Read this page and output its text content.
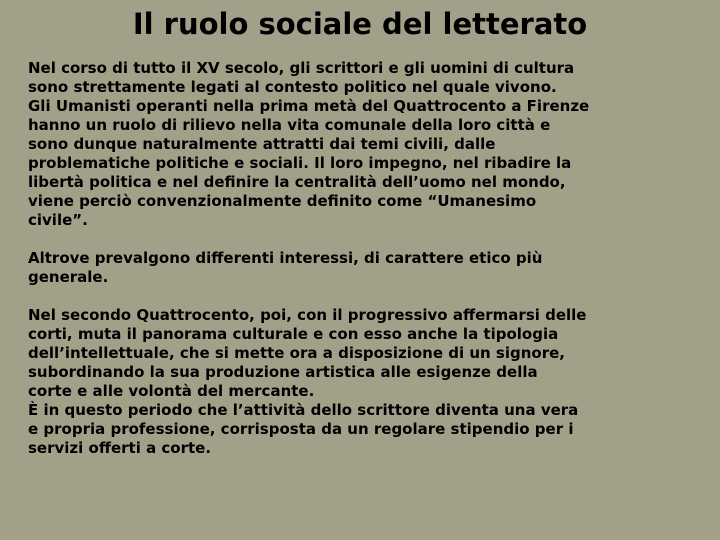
Il ruolo sociale del letterato

Nel corso di tutto il XV secolo, gli scrittori e gli uomini di cultura
sono strettamente legati al contesto politico nel quale vivono.

Gli Umanisti operanti nella prima metà del Quattrocento a Firenze
hanno un ruolo di rilievo nella vita comunale della loro città e
sono dunque naturalmente attratti dai temi civili, dalle
problematiche politiche e sociali. Il loro impegno, nel ribadire la
libertà politica e nel definire la centralità dell’uomo nel mondo,
viene perciò convenzionalmente definito come “Umanesimo
civile”.

Altrove prevalgono differenti interessi, di carattere etico più
generale.

Nel secondo Quattrocento, poi, con il progressivo affermarsi delle
corti, muta il panorama culturale e con esso anche la tipologia
dell’intellettuale, che si mette ora a disposizione di un signore,
subordinando la sua produzione artistica alle esigenze della
corte e alle volontà del mercante.
È in questo periodo che l’attività dello scrittore diventa una vera
e propria professione, corrisposta da un regolare stipendio per i
servizi offerti a corte.
